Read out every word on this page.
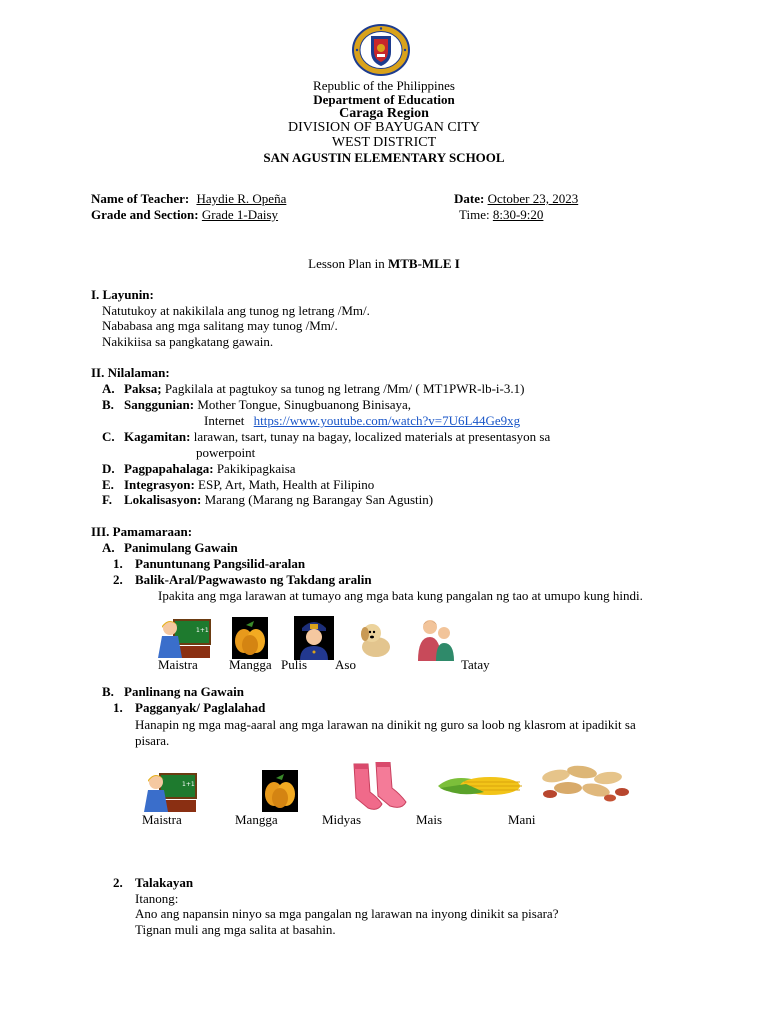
Republic of the Philippines
Department of Education
Caraga Region
DIVISION OF BAYUGAN CITY
WEST DISTRICT
SAN AGUSTIN ELEMENTARY SCHOOL
Name of Teacher: Haydie R. Opeña	Date: October 23, 2023
Grade and Section: Grade 1-Daisy	Time: 8:30-9:20
Lesson Plan in MTB-MLE I
I. Layunin:
Natutukoy at nakikilala ang tunog ng letrang /Mm/.
Nababasa ang mga salitang may tunog /Mm/.
Nakikiisa sa pangkatang gawain.
II. Nilalaman:
A. Paksa; Pagkilala at pagtukoy sa tunog ng letrang /Mm/ ( MT1PWR-lb-i-3.1)
B. Sanggunian: Mother Tongue, Sinugbuanong Binisaya,
Internet https://www.youtube.com/watch?v=7U6L44Ge9xg
C. Kagamitan: larawan, tsart, tunay na bagay, localized materials at presentasyon sa
powerpoint
D. Pagpapahalaga: Pakikipagkaisa
E. Integrasyon: ESP, Art, Math, Health at Filipino
F. Lokalisasyon: Marang (Marang ng Barangay San Agustin)
III. Pamamaraan:
A. Panimulang Gawain
1. Panuntunang Pangsilid-aralan
2. Balik-Aral/Pagwawasto ng Takdang aralin
Ipakita ang mga larawan at tumayo ang mga bata kung pangalan ng tao at umupo kung hindi.
1+1
Maistra Mangga Pulis Aso	Tatay
B. Panlinang na Gawain
1. Pagganyak/ Paglalahad
Hanapin ng mga mag-aaral ang mga larawan na dinikit ng guro sa loob ng klasrom at ipadikit sa
pisara.
1+1
Maistra	Mangga	Midyas	Mais	Mani
2. Talakayan
Itanong:
Ano ang napansin ninyo sa mga pangalan ng larawan na inyong dinikit sa pisara?
Tignan muli ang mga salita at basahin.
